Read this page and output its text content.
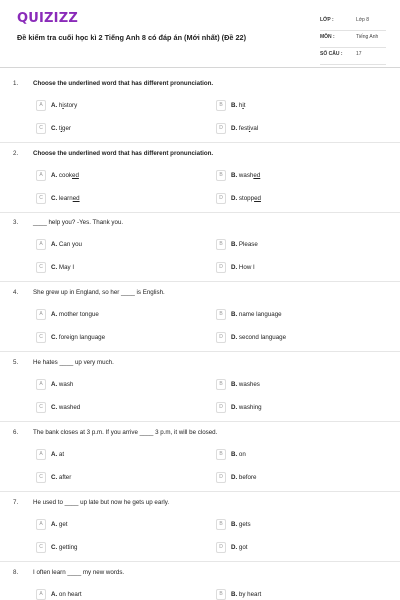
QUIZIZZ
Đề kiểm tra cuối học kì 2 Tiếng Anh 8 có đáp án (Mới nhất) (Đề 22)
LỚP :	Lớp 8
MÔN :	Tiếng Anh
SỐ CÂU :	17
1. Choose the underlined word that has different pronunciation.
A	A. history	B	B. hit
C	C. tiger	D	D. festival
2. Choose the underlined word that has different pronunciation.
A	A. cooked	B	B. washed
C	C. learned	D	D. stopped
3. ____ help you? -Yes. Thank you.
A	A. Can you	B	B. Please
C	C. May I	D	D. How I
4. She grew up in England, so her ____ is English.
A	A. mother tongue	B	B. name language
C	C. foreign language	D	D. second language
5. He hates ____ up very much.
A	A. wash	B	B. washes
C	C. washed	D	D. washing
6. The bank closes at 3 p.m. If you arrive ____ 3 p.m, it will be closed.
A	A. at	B	B. on
C	C. after	D	D. before
7. He used to ____ up late but now he gets up early.
A	A. get	B	B. gets
C	C. getting	D	D. got
8. I often learn ____ my new words.
A	A. on heart	B	B. by heart
